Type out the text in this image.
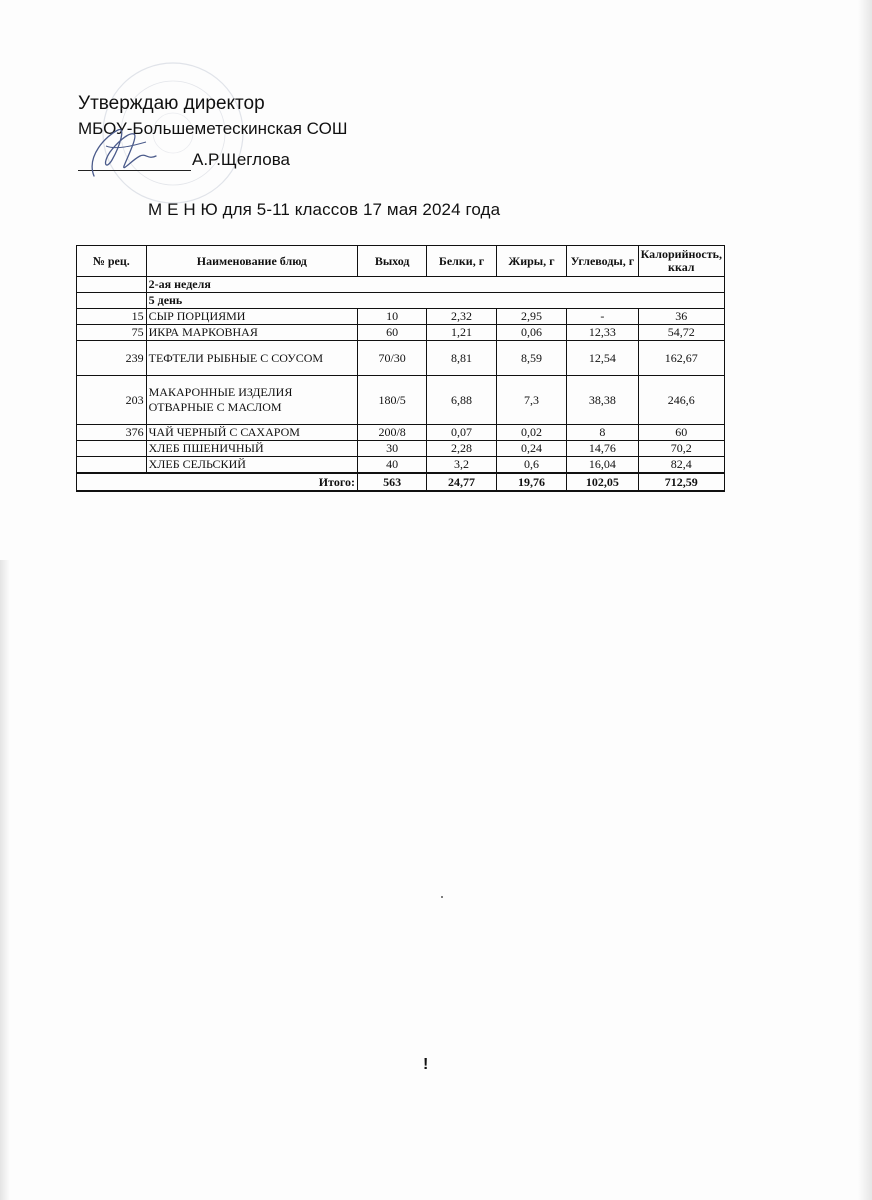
Утверждаю директор
МБОУ-Большеметескинская СОШ
А.Р.Щеглова
М Е Н Ю для 5-11 классов 17 мая 2024 года
№ рец.	Наименование блюд	Выход	Белки, г	Жиры, г	Углеводы, г	Калорийность, ккал
	2-ая неделя					
	5 день					
15	СЫР ПОРЦИЯМИ	10	2,32	2,95	-	36
75	ИКРА МАРКОВНАЯ	60	1,21	0,06	12,33	54,72
239	ТЕФТЕЛИ РЫБНЫЕ С СОУСОМ	70/30	8,81	8,59	12,54	162,67
203	МАКАРОННЫЕ ИЗДЕЛИЯ
ОТВАРНЫЕ С МАСЛОМ	180/5	6,88	7,3	38,38	246,6
376	ЧАЙ ЧЕРНЫЙ С САХАРОМ	200/8	0,07	0,02	8	60
	ХЛЕБ ПШЕНИЧНЫЙ	30	2,28	0,24	14,76	70,2
	ХЛЕБ СЕЛЬСКИЙ	40	3,2	0,6	16,04	82,4
Итого:		563	24,77	19,76	102,05	712,59
!
